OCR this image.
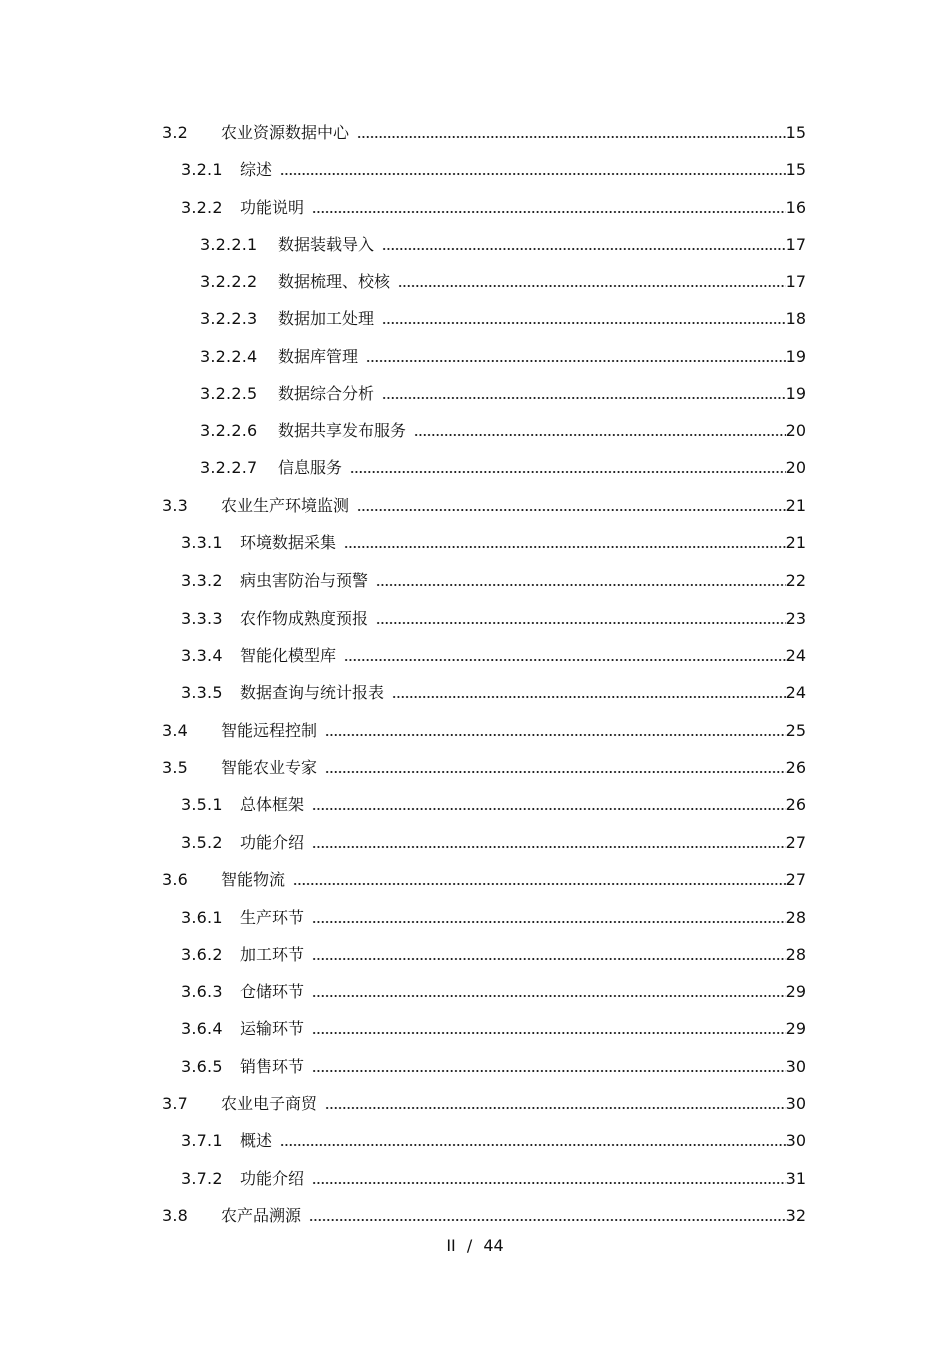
3.2	农业资源数据中心	15
3.2.1	综述	15
3.2.2	功能说明	16
3.2.2.1	数据装载导入	17
3.2.2.2	数据梳理、校核	17
3.2.2.3	数据加工处理	18
3.2.2.4	数据库管理	19
3.2.2.5	数据综合分析	19
3.2.2.6	数据共享发布服务	20
3.2.2.7	信息服务	20
3.3	农业生产环境监测	21
3.3.1	环境数据采集	21
3.3.2	病虫害防治与预警	22
3.3.3	农作物成熟度预报	23
3.3.4	智能化模型库	24
3.3.5	数据查询与统计报表	24
3.4	智能远程控制	25
3.5	智能农业专家	26
3.5.1	总体框架	26
3.5.2	功能介绍	27
3.6	智能物流	27
3.6.1	生产环节	28
3.6.2	加工环节	28
3.6.3	仓储环节	29
3.6.4	运输环节	29
3.6.5	销售环节	30
3.7	农业电子商贸	30
3.7.1	概述	30
3.7.2	功能介绍	31
3.8	农产品溯源	32
II / 44
